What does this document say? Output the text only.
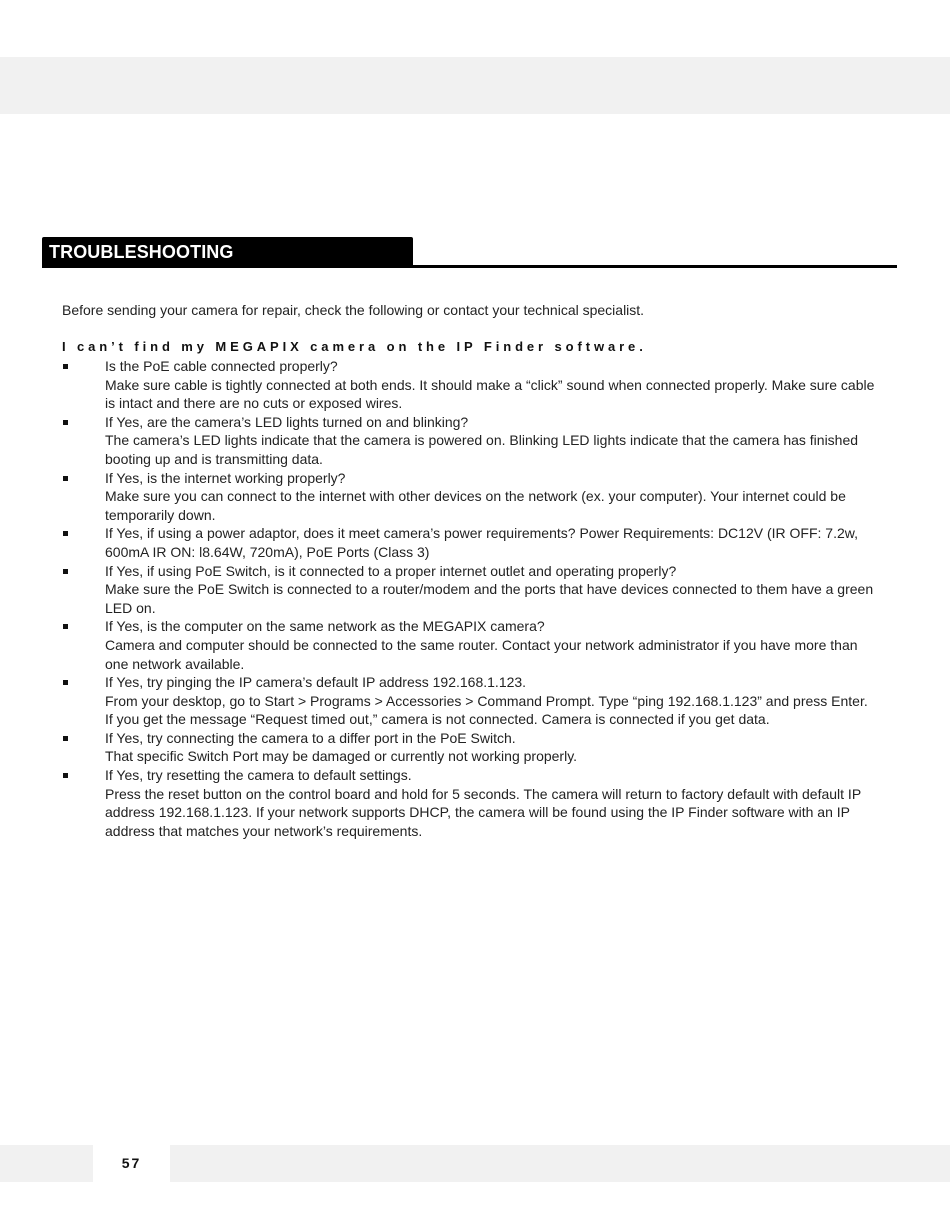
TROUBLESHOOTING

Before sending your camera for repair, check the following or contact your technical specialist.

I can’t find my MEGAPIX camera on the IP Finder software.

Is the PoE cable connected properly?
Make sure cable is tightly connected at both ends. It should make a “click” sound when connected properly. Make sure cable is intact and there are no cuts or exposed wires.
If Yes, are the camera’s LED lights turned on and blinking?
The camera’s LED lights indicate that the camera is powered on. Blinking LED lights indicate that the camera has finished booting up and is transmitting data.
If Yes, is the internet working properly?
Make sure you can connect to the internet with other devices on the network (ex. your computer). Your internet could be temporarily down.
If Yes, if using a power adaptor, does it meet camera’s power requirements? Power Requirements: DC12V (IR OFF: 7.2w, 600mA IR ON: l8.64W, 720mA), PoE Ports (Class 3)
If Yes, if using PoE Switch, is it connected to a proper internet outlet and operating properly?
Make sure the PoE Switch is connected to a router/modem and the ports that have devices connected to them have a green LED on.
If Yes, is the computer on the same network as the MEGAPIX camera?
Camera and computer should be connected to the same router. Contact your network administrator if you have more than one network available.
If Yes, try pinging the IP camera’s default IP address 192.168.1.123.
From your desktop, go to Start > Programs > Accessories > Command Prompt. Type “ping 192.168.1.123” and press Enter. If you get the message “Request timed out,” camera is not connected. Camera is connected if you get data.
If Yes, try connecting the camera to a differ port in the PoE Switch.
That specific Switch Port may be damaged or currently not working properly.
If Yes, try resetting the camera to default settings.
Press the reset button on the control board and hold for 5 seconds. The camera will return to factory default with default IP address 192.168.1.123. If your network supports DHCP, the camera will be found using the IP Finder software with an IP address that matches your network’s requirements.
57
